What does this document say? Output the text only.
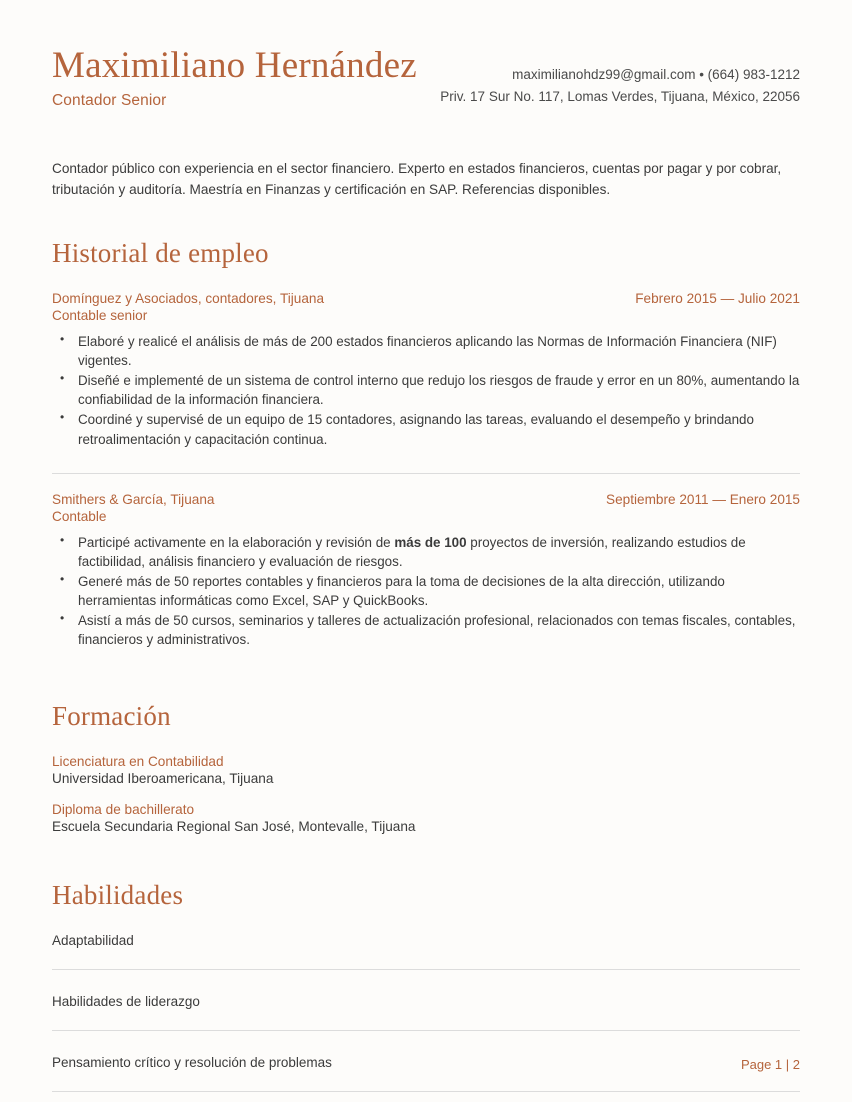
Maximiliano Hernández
Contador Senior
maximilianohdz99@gmail.com • (664) 983-1212
Priv. 17 Sur No. 117, Lomas Verdes, Tijuana, México, 22056
Contador público con experiencia en el sector financiero. Experto en estados financieros, cuentas por pagar y por cobrar, tributación y auditoría. Maestría en Finanzas y certificación en SAP. Referencias disponibles.
Historial de empleo
Domínguez y Asociados, contadores, Tijuana	Febrero 2015 — Julio 2021
Contable senior
• Elaboré y realicé el análisis de más de 200 estados financieros aplicando las Normas de Información Financiera (NIF) vigentes.
• Diseñé e implementé de un sistema de control interno que redujo los riesgos de fraude y error en un 80%, aumentando la confiabilidad de la información financiera.
• Coordiné y supervisé de un equipo de 15 contadores, asignando las tareas, evaluando el desempeño y brindando retroalimentación y capacitación continua.
Smithers & García, Tijuana	Septiembre 2011 — Enero 2015
Contable
• Participé activamente en la elaboración y revisión de más de 100 proyectos de inversión, realizando estudios de factibilidad, análisis financiero y evaluación de riesgos.
• Generé más de 50 reportes contables y financieros para la toma de decisiones de la alta dirección, utilizando herramientas informáticas como Excel, SAP y QuickBooks.
• Asistí a más de 50 cursos, seminarios y talleres de actualización profesional, relacionados con temas fiscales, contables, financieros y administrativos.
Formación
Licenciatura en Contabilidad
Universidad Iberoamericana, Tijuana
Diploma de bachillerato
Escuela Secundaria Regional San José, Montevalle, Tijuana
Habilidades
Adaptabilidad
Habilidades de liderazgo
Pensamiento crítico y resolución de problemas	Page 1 | 2
